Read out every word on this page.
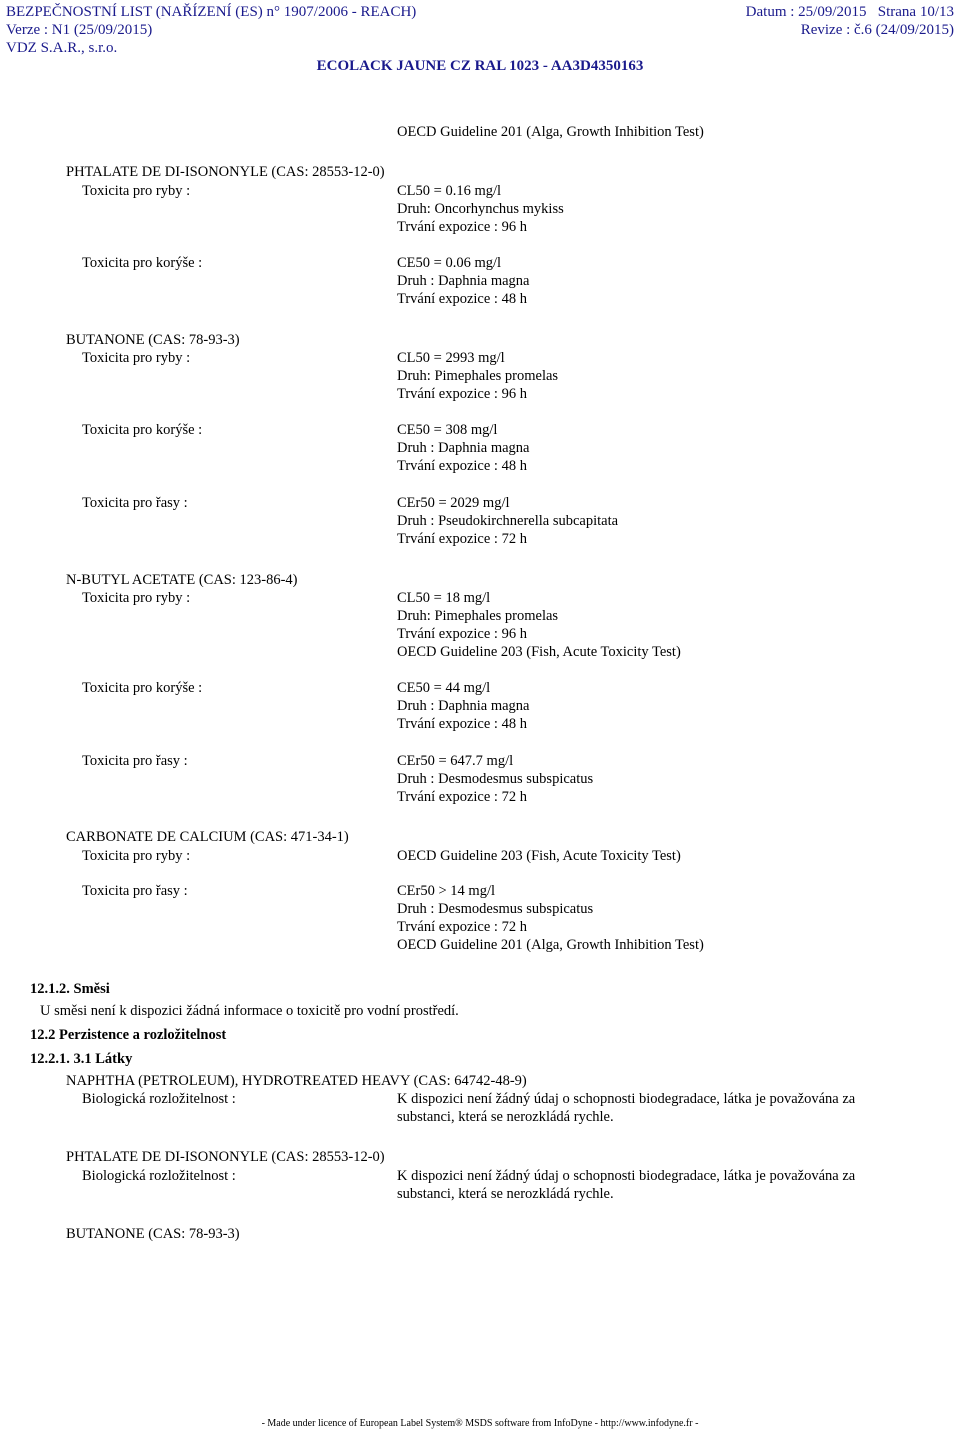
BEZPEČNOSTNÍ LIST (NAŘÍZENÍ (ES) n° 1907/2006 - REACH)
Verze : N1 (25/09/2015)
VDZ S.A.R., s.r.o.
Datum : 25/09/2015   Strana 10/13
Revize : č.6 (24/09/2015)
ECOLACK JAUNE CZ RAL 1023 - AA3D4350163
OECD Guideline 201 (Alga, Growth Inhibition Test)
PHTALATE DE DI-ISONONYLE (CAS: 28553-12-0)
Toxicita pro ryby :	CL50 = 0.16 mg/l
Druh: Oncorhynchus mykiss
Trvání expozice : 96 h
Toxicita pro korýše :	CE50 = 0.06 mg/l
Druh : Daphnia magna
Trvání expozice : 48 h
BUTANONE (CAS: 78-93-3)
Toxicita pro ryby :	CL50 = 2993 mg/l
Druh: Pimephales promelas
Trvání expozice : 96 h
Toxicita pro korýše :	CE50 = 308 mg/l
Druh : Daphnia magna
Trvání expozice : 48 h
Toxicita pro řasy :	CEr50 = 2029 mg/l
Druh : Pseudokirchnerella subcapitata
Trvání expozice : 72 h
N-BUTYL ACETATE (CAS: 123-86-4)
Toxicita pro ryby :	CL50 = 18 mg/l
Druh: Pimephales promelas
Trvání expozice : 96 h
OECD Guideline 203 (Fish, Acute Toxicity Test)
Toxicita pro korýše :	CE50 = 44 mg/l
Druh : Daphnia magna
Trvání expozice : 48 h
Toxicita pro řasy :	CEr50 = 647.7 mg/l
Druh : Desmodesmus subspicatus
Trvání expozice : 72 h
CARBONATE DE CALCIUM (CAS: 471-34-1)
Toxicita pro ryby :	OECD Guideline 203 (Fish, Acute Toxicity Test)
Toxicita pro řasy :	CEr50 > 14 mg/l
Druh : Desmodesmus subspicatus
Trvání expozice : 72 h
OECD Guideline 201 (Alga, Growth Inhibition Test)
12.1.2. Směsi
U směsi není k dispozici žádná informace o toxicitě pro vodní prostředí.
12.2 Perzistence a rozložitelnost
12.2.1. 3.1 Látky
NAPHTHA (PETROLEUM), HYDROTREATED HEAVY (CAS: 64742-48-9)
Biologická rozložitelnost :	K dispozici není žádný údaj o schopnosti biodegradace, látka je považována za
substanci, která se nerozkládá rychle.
PHTALATE DE DI-ISONONYLE (CAS: 28553-12-0)
Biologická rozložitelnost :	K dispozici není žádný údaj o schopnosti biodegradace, látka je považována za
substanci, která se nerozkládá rychle.
BUTANONE (CAS: 78-93-3)
- Made under licence of European Label System® MSDS software from InfoDyne - http://www.infodyne.fr -
